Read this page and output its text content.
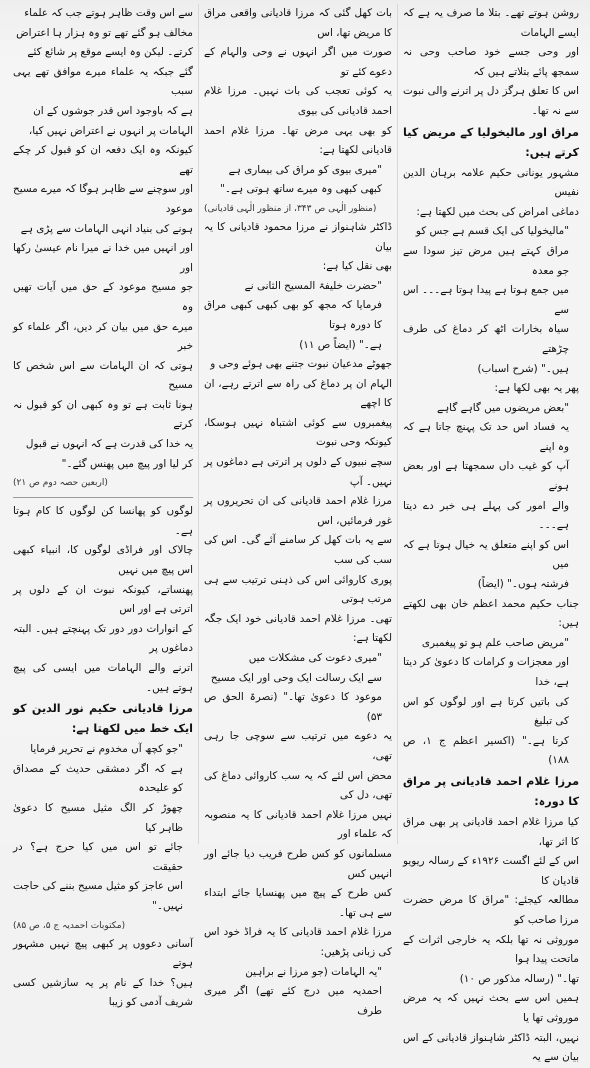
روشن ہوتے تھے۔ بتلا ما صرف یہ ہے کہ ایسے الہامات
اور وحی جسے خود صاحب وحی نہ سمجھ پائے بتلاتے ہیں کہ
اس کا تعلق ہرگز دل پر اترنے والی نبوت سے نہ تھا۔

مراق اور مالیخولیا کے مریض کیا کرتے ہیں:

مشہور یونانی حکیم علامہ برہان الدین نفیس
دماغی امراض کی بحث میں لکھتا ہے:

"مالیخولیا کی ایک قسم ہے جس کو
مراق کہتے ہیں مرض تیز سودا سے جو معدہ
میں جمع ہوتا ہے پیدا ہوتا ہے۔۔۔ اس سے
سیاہ بخارات اٹھ کر دماغ کی طرف چڑھتے
ہیں۔" (شرح اسباب)

پھر یہ بھی لکھا ہے:

"بعض مریضوں میں گاہے گاہے
یہ فساد اس حد تک پہنچ جاتا ہے کہ وہ اپنے
آپ کو غیب داں سمجھتا ہے اور بعض ہونے
والے امور کی پہلے ہی خبر دے دیتا ہے۔۔۔
اس کو اپنے متعلق یہ خیال ہوتا ہے کہ میں
فرشتہ ہوں۔" (ایضاً)

جناب حکیم محمد اعظم خان بھی لکھتے ہیں:

"مریض صاحب علم ہو تو پیغمبری
اور معجزات و کرامات کا دعویٰ کر دیتا ہے، خدا
کی باتیں کرتا ہے اور لوگوں کو اس کی تبلیغ
کرتا ہے۔" (اکسیر اعظم ج ۱، ص ۱۸۸)

مرزا غلام احمد قادیانی پر مراق کا دورہ:

کیا مرزا غلام احمد قادیانی پر بھی مراق کا اثر تھا،
اس کے لئے اگست ۱۹۲۶ء کے رسالہ ریویو قادیان کا
مطالعہ کیجئے: "مراق کا مرض حضرت مرزا صاحب کو
موروثی نہ تھا بلکہ یہ خارجی اثرات کے ماتحت پیدا ہوا
تھا۔" (رسالہ مذکور ص ۱۰)

ہمیں اس سے بحث نہیں کہ یہ مرض موروثی تھا یا
نہیں، البتہ ڈاکٹر شاہنواز قادیانی کے اس بیان سے یہ

بات کھل گئی کہ مرزا قادیانی واقعی مراق کا مریض تھا، اس
صورت میں اگر انہوں نے وحی والہام کے دعوے کئے تو
یہ کوئی تعجب کی بات نہیں۔ مرزا غلام احمد قادیانی کی بیوی
کو بھی یہی مرض تھا۔ مرزا غلام احمد قادیانی لکھتا ہے:

"میری بیوی کو مراق کی بیماری ہے
کبھی کبھی وہ میرے ساتھ ہوتی ہے۔"

(منظور الٰہی ص ۳۴۳، از منظور الٰہی قادیانی)

ڈاکٹر شاہنواز نے مرزا محمود قادیانی کا یہ بیان
بھی نقل کیا ہے:

"حضرت خلیفۃ المسیح الثانی نے
فرمایا کہ مجھ کو بھی کبھی کبھی مراق کا دورہ ہوتا
ہے۔" (ایضاً ص ۱۱)

جھوٹے مدعیان نبوت جتنے بھی ہوئے وحی و
الہام ان پر دماغ کی راہ سے اترتے رہے، ان کا اچھے
پیغمبروں سے کوئی اشتباہ نہیں ہوسکا، کیونکہ وحی نبوت
سچے نبیوں کے دلوں پر اترتی ہے دماغوں پر نہیں۔ آپ
مرزا غلام احمد قادیانی کی ان تحریروں پر غور فرمائیں، اس
سے یہ بات کھل کر سامنے آئے گی۔ اس کی سب کی سب
پوری کاروائی اس کی ذہنی ترتیب سے ہی مرتب ہوتی
تھی۔ مرزا غلام احمد قادیانی خود ایک جگہ لکھتا ہے:

"میری دعوت کی مشکلات میں
سے ایک رسالت ایک وحی اور ایک مسیح
موعود کا دعویٰ تھا۔" (نصرۃ الحق ص ۵۳)

یہ دعوے میں ترتیب سے سوچی جا رہی تھی،
محض اس لئے کہ یہ سب کاروائی دماغ کی تھی، دل کی
نہیں مرزا غلام احمد قادیانی کا یہ منصوبہ کہ علماء اور
مسلمانوں کو کس طرح فریب دیا جائے اور انہیں کس
کس طرح کے پیچ میں پھنسایا جائے ابتداء سے ہی تھا۔
مرزا غلام احمد قادیانی کا یہ فراڈ خود اس کی زبانی پڑھیں:

"یہ الہامات (جو مرزا نے براہین
احمدیہ میں درج کئے تھے) اگر میری طرف

سے اس وقت ظاہر ہوتے جب کہ علماء
مخالف ہو گئے تھے تو وہ ہزار ہا اعتراض
کرتے۔ لیکن وہ ایسے موقع پر شائع کئے
گئے جبکہ یہ علماء میرے موافق تھے یہی سبب
ہے کہ باوجود اس قدر جوشوں کے ان
الہامات پر انہوں نے اعتراض نہیں کیا،
کیونکہ وہ ایک دفعہ ان کو قبول کر چکے تھے
اور سوچنے سے ظاہر ہوگا کہ میرے مسیح موعود
ہونے کی بنیاد انہی الہامات سے پڑی ہے
اور انہیں میں خدا نے میرا نام عیسیٰ رکھا اور
جو مسیح موعود کے حق میں آیات تھیں وہ
میرے حق میں بیان کر دیں، اگر علماء کو خبر
ہوتی کہ ان الہامات سے اس شخص کا مسیح
ہونا ثابت ہے تو وہ کبھی ان کو قبول نہ کرتے
یہ خدا کی قدرت ہے کہ انہوں نے قبول
کر لیا اور پیچ میں پھنس گئے۔"

(اربعین حصہ دوم ص ۲۱)

لوگوں کو پھانسا کن لوگوں کا کام ہوتا ہے۔
چالاک اور فراڈی لوگوں کا، انبیاء کبھی اس پیچ میں نہیں
پھنساتے، کیونکہ نبوت ان کے دلوں پر اترتی ہے اور اس
کے انوارات دور دور تک پہنچتے ہیں۔ البتہ دماغوں پر
اترنے والے الہامات میں ایسی کی پیچ ہوتے ہیں۔

مرزا قادیانی حکیم نور الدین کو ایک خط میں لکھتا ہے:

"جو کچھ آں مخدوم نے تحریر فرمایا
ہے کہ اگر دمشقی حدیث کے مصداق کو علیحدہ
چھوڑ کر الگ مثیل مسیح کا دعویٰ ظاہر کیا
جائے تو اس میں کیا حرج ہے؟ در حقیقت
اس عاجز کو مثیل مسیح بننے کی حاجت نہیں۔"

(مکتوبات احمدیہ ج ۵، ص ۸۵)

آسانی دعووں پر کبھی پیچ نہیں مشہور ہوتے
ہیں؟ خدا کے نام پر یہ سازشیں کسی شریف آدمی کو زیبا
